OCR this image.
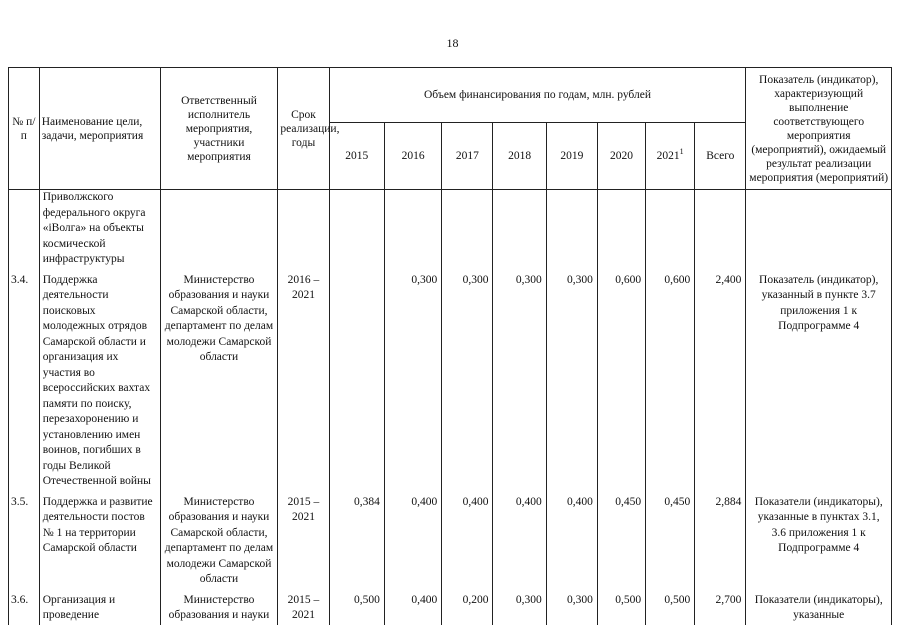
18
№ п/п	Наименование цели, задачи, мероприятия	Ответственный исполнитель мероприятия, участники мероприятия	Срок реализации, годы	Объем финансирования по годам, млн. рублей								Показатель (индикатор), характеризующий выполнение соответствующего мероприятия (мероприятий), ожидаемый результат реализации мероприятия (мероприятий)
				2015	2016	2017	2018	2019	2020	2021$^1$	Всего	
	Приволжского федерального округа «iВолга» на объекты космической инфраструктуры											
3.4.	Поддержка деятельности поисковых молодежных отрядов Самарской области и организация их участия во всероссийских вахтах памяти по поиску, перезахоронению и установлению имен воинов, погибших в годы Великой Отечественной войны	Министерство образования и науки Самарской области, департамент по делам молодежи Самарской области	2016 – 2021		0,300	0,300	0,300	0,300	0,600	0,600	2,400	Показатель (индикатор), указанный в пункте 3.7 приложения 1 к Подпрограмме 4
3.5.	Поддержка и развитие деятельности постов № 1 на территории Самарской области	Министерство образования и науки Самарской области, департамент по делам молодежи Самарской области	2015 – 2021	0,384	0,400	0,400	0,400	0,400	0,450	0,450	2,884	Показатели (индикаторы), указанные в пунктах 3.1, 3.6 приложения 1 к Подпрограмме 4
3.6.	Организация и проведение	Министерство образования и науки	2015 – 2021	0,500	0,400	0,200	0,300	0,300	0,500	0,500	2,700	Показатели (индикаторы), указанные
